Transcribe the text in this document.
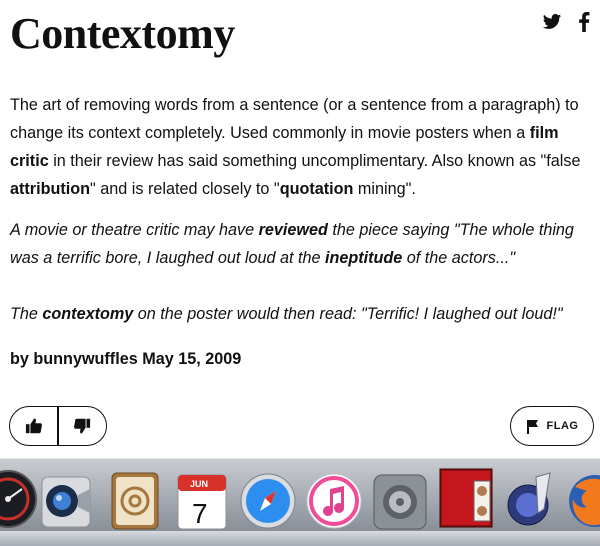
Contextomy
The art of removing words from a sentence (or a sentence from a paragraph) to change its context completely. Used commonly in movie posters when a film critic in their review has said something uncomplimentary. Also known as "false attribution" and is related closely to "quotation mining".
A movie or theatre critic may have reviewed the piece saying "The whole thing was a terrific bore, I laughed out loud at the ineptitude of the actors..."
The contextomy on the poster would then read: "Terrific! I laughed out loud!"
by bunnywuffles May 15, 2009
FLAG
JUN
7
